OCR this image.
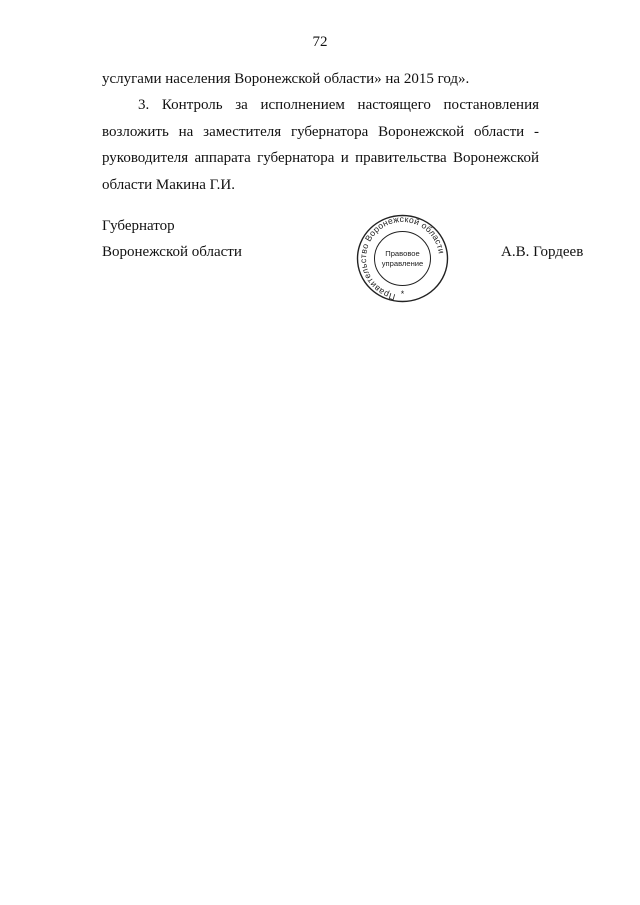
72

услугами населения Воронежской области» на 2015 год».

3. Контроль за исполнением настоящего постановления возложить на заместителя губернатора Воронежской области - руководителя аппарата губернатора и правительства Воронежской области Макина Г.И.

Губернатор
Воронежской области
Правительство Воронежской области
Правовое
управление
*
А.В. Гордеев
